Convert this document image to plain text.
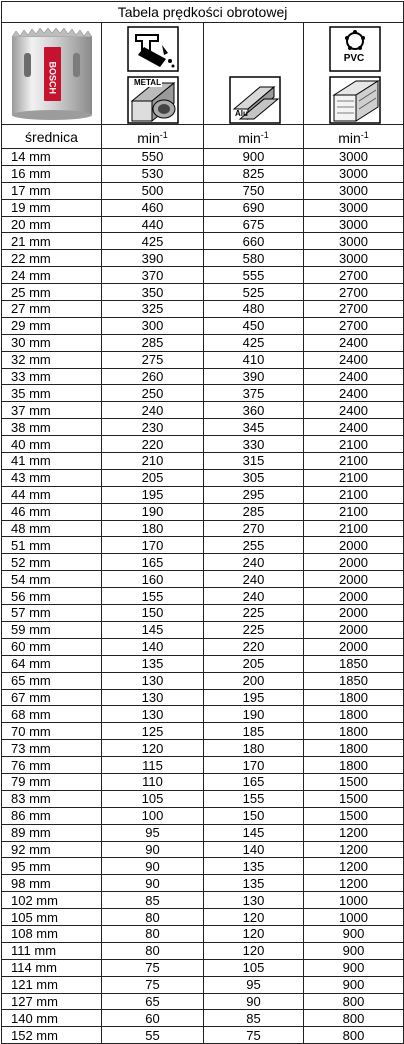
Tabela prędkości obrotowej			

BOSCH	METAL	Alu	PVC

średnica	$\min^{-1}$	$\min^{-1}$	$\min^{-1}$
14 mm	550	900	3000
16 mm	530	825	3000
17 mm	500	750	3000
19 mm	460	690	3000
20 mm	440	675	3000
21 mm	425	660	3000
22 mm	390	580	3000
24 mm	370	555	2700
25 mm	350	525	2700
27 mm	325	480	2700
29 mm	300	450	2700
30 mm	285	425	2400
32 mm	275	410	2400
33 mm	260	390	2400
35 mm	250	375	2400
37 mm	240	360	2400
38 mm	230	345	2400
40 mm	220	330	2100
41 mm	210	315	2100
43 mm	205	305	2100
44 mm	195	295	2100
46 mm	190	285	2100
48 mm	180	270	2100
51 mm	170	255	2000
52 mm	165	240	2000
54 mm	160	240	2000
56 mm	155	240	2000
57 mm	150	225	2000
59 mm	145	225	2000
60 mm	140	220	2000
64 mm	135	205	1850
65 mm	130	200	1850
67 mm	130	195	1800
68 mm	130	190	1800
70 mm	125	185	1800
73 mm	120	180	1800
76 mm	115	170	1800
79 mm	110	165	1500
83 mm	105	155	1500
86 mm	100	150	1500
89 mm	95	145	1200
92 mm	90	140	1200
95 mm	90	135	1200
98 mm	90	135	1200
102 mm	85	130	1000
105 mm	80	120	1000
108 mm	80	120	900
111 mm	80	120	900
114 mm	75	105	900
121 mm	75	95	900
127 mm	65	90	800
140 mm	60	85	800
152 mm	55	75	800
